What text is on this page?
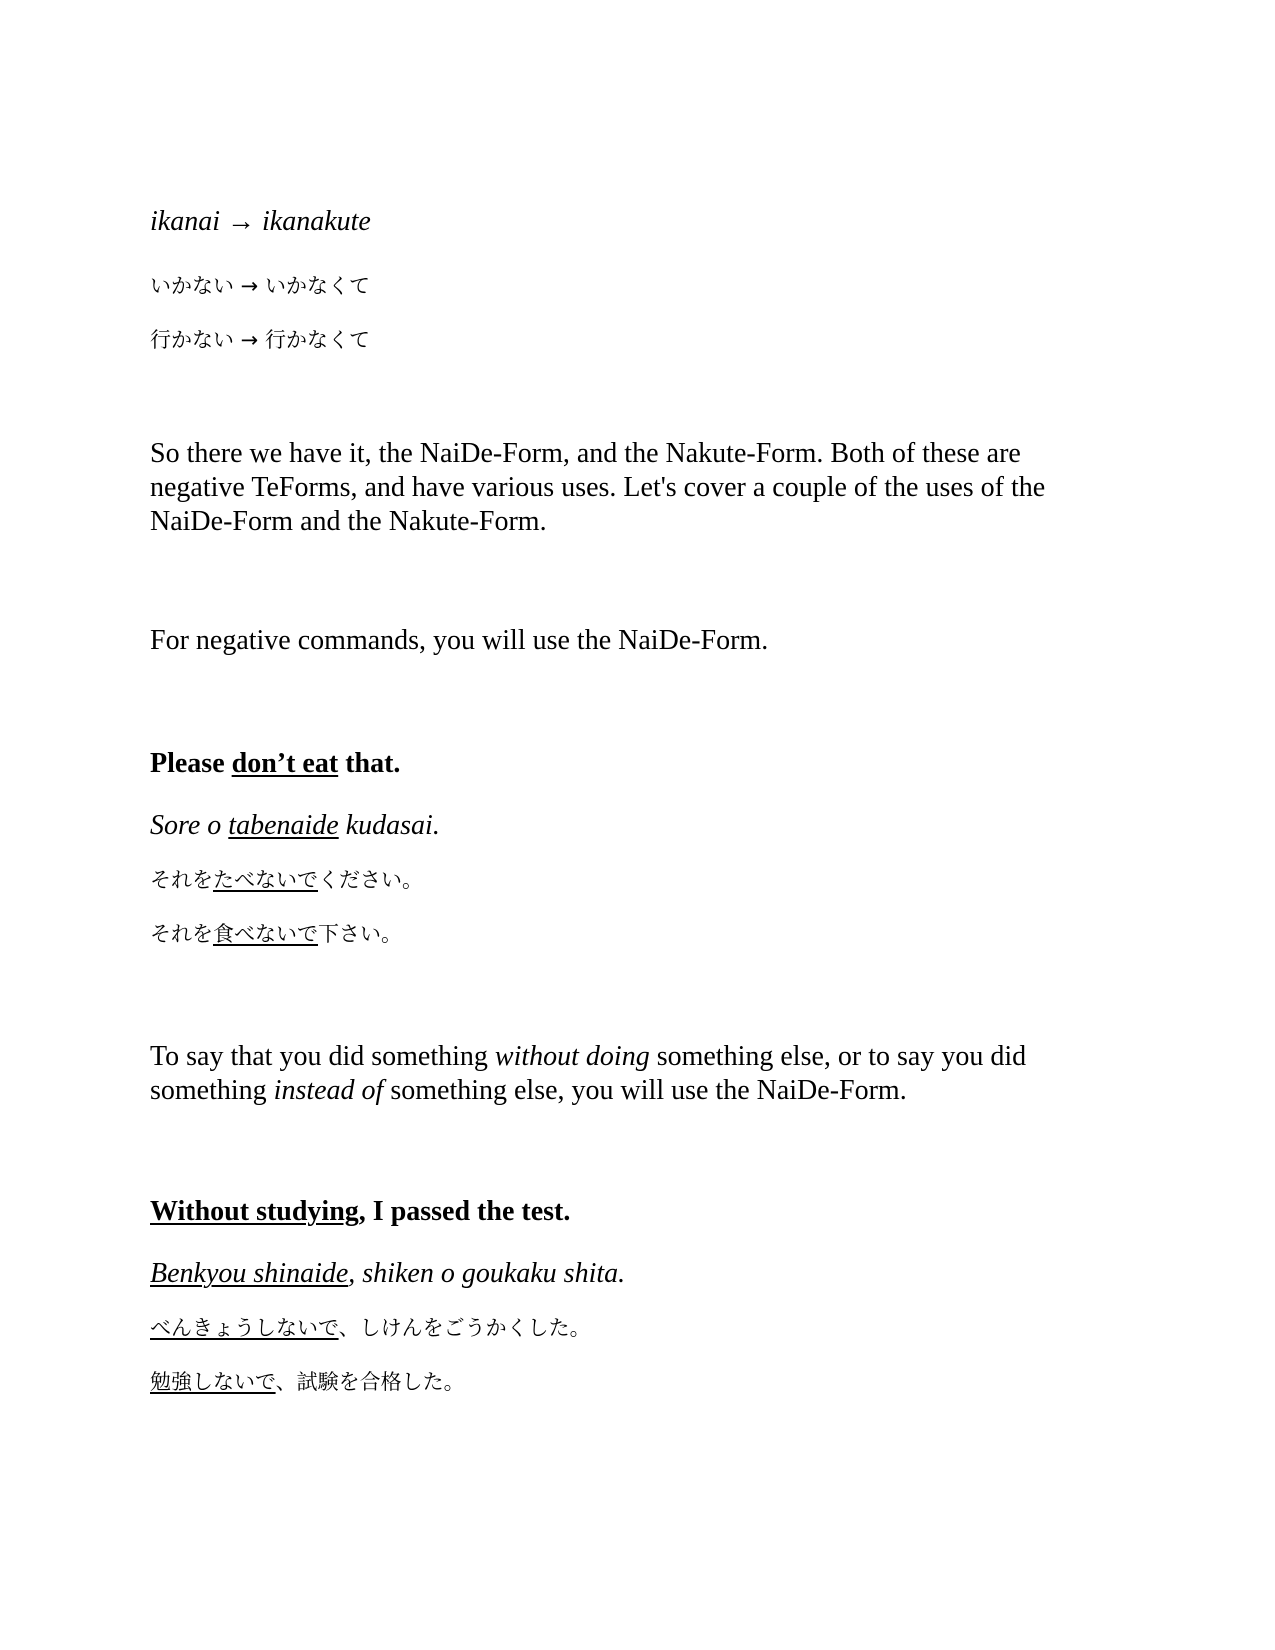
ikanai → ikanakute
いかない → いかなくて
行かない → 行かなくて
So there we have it, the NaiDe-Form, and the Nakute-Form. Both of these are
negative TeForms, and have various uses. Let's cover a couple of the uses of the
NaiDe-Form and the Nakute-Form.
For negative commands, you will use the NaiDe-Form.
Please don’t eat that.
Sore o tabenaide kudasai.
それをたべないでください。
それを食べないで下さい。
To say that you did something without doing something else, or to say you did
something instead of something else, you will use the NaiDe-Form.
Without studying, I passed the test.
Benkyou shinaide, shiken o goukaku shita.
べんきょうしないで、しけんをごうかくした。
勉強しないで、試験を合格した。
